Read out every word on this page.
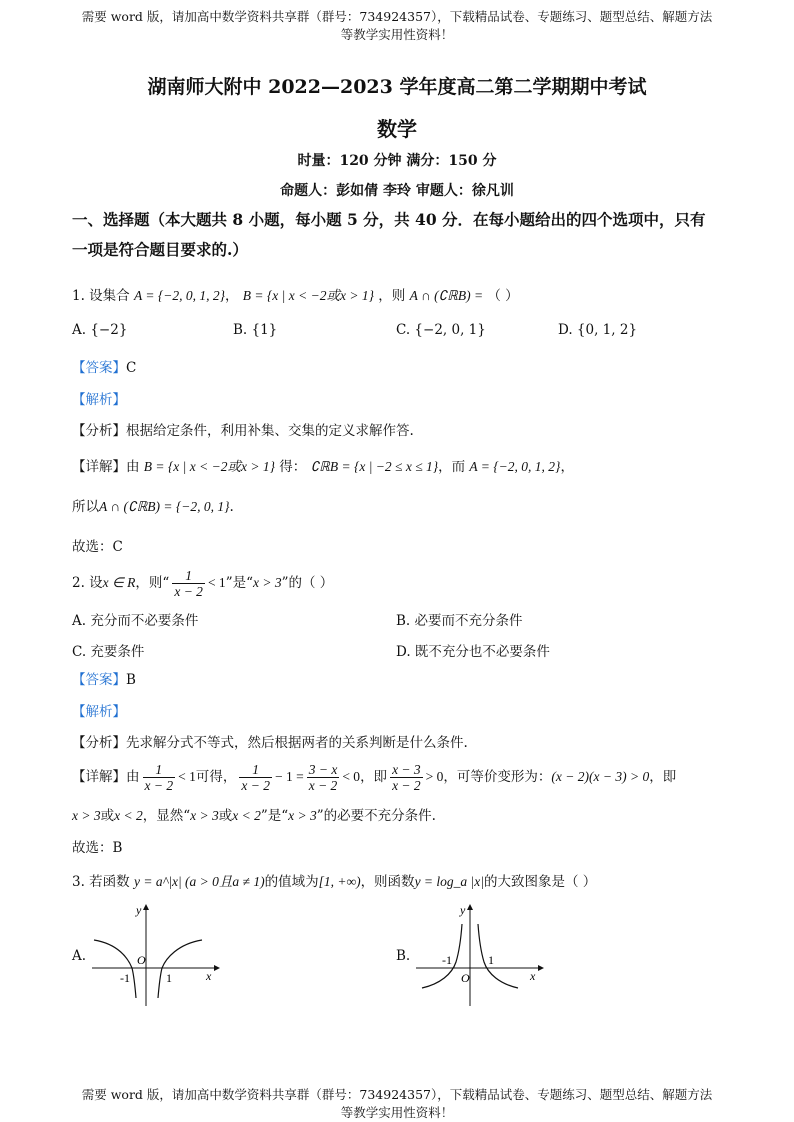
需要 word 版，请加高中数学资料共享群（群号：734924357），下载精品试卷、专题练习、题型总结、解题方法
等教学实用性资料！
湖南师大附中 2022—2023 学年度高二第二学期期中考试
数学
时量：120 分钟 满分：150 分
命题人：彭如倩 李玲 审题人：徐凡训
一、选择题（本大题共 8 小题，每小题 5 分，共 40 分．在每小题给出的四个选项中，只有
一项是符合题目要求的.）
1. 设集合 A = {−2, 0, 1, 2}， B = {x | x < −2或x > 1} ，则 A ∩ (∁ℝB) = （ ）
A. {−2}	B. {1}	C. {−2, 0, 1}	D. {0, 1, 2}
【答案】C
【解析】
【分析】根据给定条件，利用补集、交集的定义求解作答.
【详解】由 B = {x | x < −2或x > 1} 得： ∁ℝB = {x | −2 ≤ x ≤ 1}，而 A = {−2, 0, 1, 2}，
所以A ∩ (∁ℝB) = {−2, 0, 1}.
故选：C
2. 设x ∈ R，则“ $\frac{1}{x - 2} < 1$”是“x > 3”的（ ）
A. 充分而不必要条件	B. 必要而不充分条件
C. 充要条件	D. 既不充分也不必要条件
【答案】B
【解析】
【分析】先求解分式不等式，然后根据两者的关系判断是什么条件.
【详解】由 $\frac{1}{x - 2} < 1$可得， $\frac{1}{x - 2} - 1 = \frac{3 - x}{x - 2} < 0$，即 $\frac{x - 3}{x - 2} > 0$，可等价变形为：(x − 2)(x − 3) > 0，即
x > 3或x < 2，显然“x > 3或x < 2”是“x > 3”的必要不充分条件.
故选：B
3. 若函数 y = a^|x| (a > 0且a ≠ 1)的值域为[1, +∞)，则函数y = log_a |x|的大致图象是（ ）
A.
y
x
O
-1	1
B.
y
x
O
-1	1
需要 word 版，请加高中数学资料共享群（群号：734924357），下载精品试卷、专题练习、题型总结、解题方法
等教学实用性资料！
